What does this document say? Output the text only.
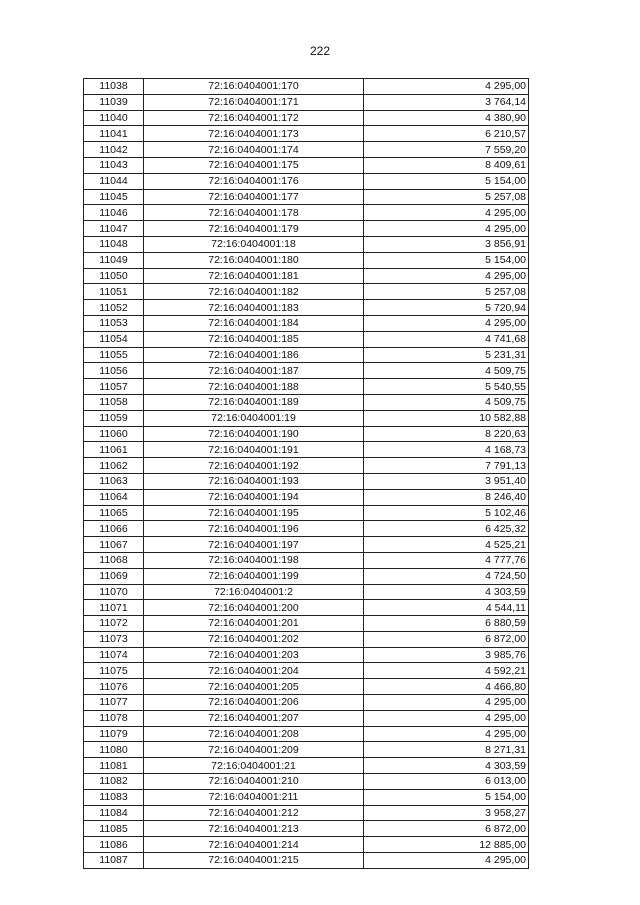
222
11038	72:16:0404001:170	4 295,00
11039	72:16:0404001:171	3 764,14
11040	72:16:0404001:172	4 380,90
11041	72:16:0404001:173	6 210,57
11042	72:16:0404001:174	7 559,20
11043	72:16:0404001:175	8 409,61
11044	72:16:0404001:176	5 154,00
11045	72:16:0404001:177	5 257,08
11046	72:16:0404001:178	4 295,00
11047	72:16:0404001:179	4 295,00
11048	72:16:0404001:18	3 856,91
11049	72:16:0404001:180	5 154,00
11050	72:16:0404001:181	4 295,00
11051	72:16:0404001:182	5 257,08
11052	72:16:0404001:183	5 720,94
11053	72:16:0404001:184	4 295,00
11054	72:16:0404001:185	4 741,68
11055	72:16:0404001:186	5 231,31
11056	72:16:0404001:187	4 509,75
11057	72:16:0404001:188	5 540,55
11058	72:16:0404001:189	4 509,75
11059	72:16:0404001:19	10 582,88
11060	72:16:0404001:190	8 220,63
11061	72:16:0404001:191	4 168,73
11062	72:16:0404001:192	7 791,13
11063	72:16:0404001:193	3 951,40
11064	72:16:0404001:194	8 246,40
11065	72:16:0404001:195	5 102,46
11066	72:16:0404001:196	6 425,32
11067	72:16:0404001:197	4 525,21
11068	72:16:0404001:198	4 777,76
11069	72:16:0404001:199	4 724,50
11070	72:16:0404001:2	4 303,59
11071	72:16:0404001:200	4 544,11
11072	72:16:0404001:201	6 880,59
11073	72:16:0404001:202	6 872,00
11074	72:16:0404001:203	3 985,76
11075	72:16:0404001:204	4 592,21
11076	72:16:0404001:205	4 466,80
11077	72:16:0404001:206	4 295,00
11078	72:16:0404001:207	4 295,00
11079	72:16:0404001:208	4 295,00
11080	72:16:0404001:209	8 271,31
11081	72:16:0404001:21	4 303,59
11082	72:16:0404001:210	6 013,00
11083	72:16:0404001:211	5 154,00
11084	72:16:0404001:212	3 958,27
11085	72:16:0404001:213	6 872,00
11086	72:16:0404001:214	12 885,00
11087	72:16:0404001:215	4 295,00
